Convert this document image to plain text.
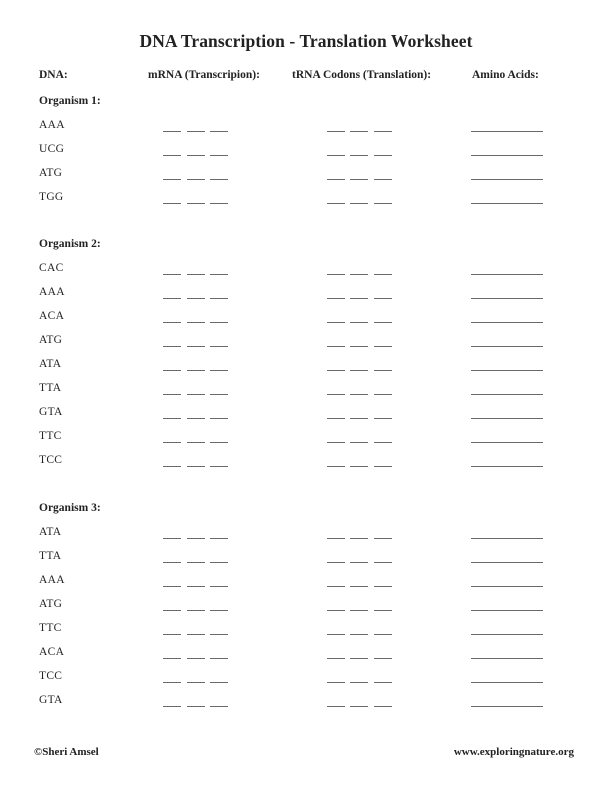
DNA Transcription - Translation Worksheet
DNA:	mRNA (Transcripion):	tRNA Codons (Translation):	Amino Acids:
Organism 1:
AAA
UCG
ATG
TGG
Organism 2:
CAC
AAA
ACA
ATG
ATA
TTA
GTA
TTC
TCC
Organism 3:
ATA
TTA
AAA
ATG
TTC
ACA
TCC
GTA
©Sheri Amsel	www.exploringnature.org
